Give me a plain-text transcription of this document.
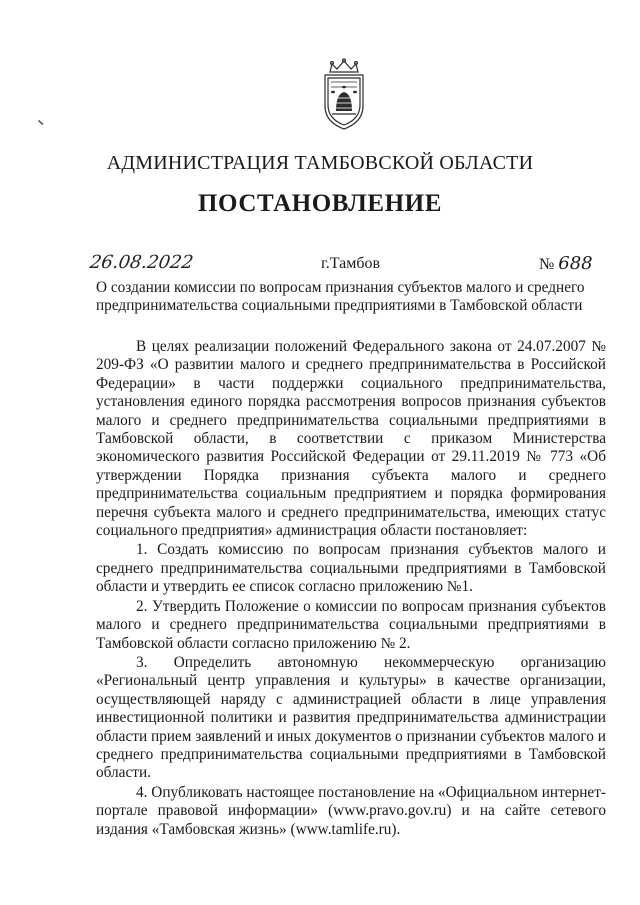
АДМИНИСТРАЦИЯ ТАМБОВСКОЙ ОБЛАСТИ
ПОСТАНОВЛЕНИЕ
26.08.2022	г.Тамбов	№ 688
О создании комиссии по вопросам признания субъектов малого и среднего предпринимательства социальными предприятиями в Тамбовской области

В целях реализации положений Федерального закона от 24.07.2007 № 209-ФЗ «О развитии малого и среднего предпринимательства в Российской Федерации» в части поддержки социального предпринимательства, установления единого порядка рассмотрения вопросов признания субъектов малого и среднего предпринимательства социальными предприятиями в Тамбовской области, в соответствии с приказом Министерства экономического развития Российской Федерации от 29.11.2019 № 773 «Об утверждении Порядка признания субъекта малого и среднего предпринимательства социальным предприятием и порядка формирования перечня субъекта малого и среднего предпринимательства, имеющих статус социального предприятия» администрация области постановляет:

1. Создать комиссию по вопросам признания субъектов малого и среднего предпринимательства социальными предприятиями в Тамбовской области и утвердить ее список согласно приложению №1.

2. Утвердить Положение о комиссии по вопросам признания субъектов малого и среднего предпринимательства социальными предприятиями в Тамбовской области согласно приложению № 2.

3. Определить автономную некоммерческую организацию «Региональный центр управления и культуры» в качестве организации, осуществляющей наряду с администрацией области в лице управления инвестиционной политики и развития предпринимательства администрации области прием заявлений и иных документов о признании субъектов малого и среднего предпринимательства социальными предприятиями в Тамбовской области.

4. Опубликовать настоящее постановление на «Официальном интернет-портале правовой информации» (www.pravo.gov.ru) и на сайте сетевого издания «Тамбовская жизнь» (www.tamlife.ru).
